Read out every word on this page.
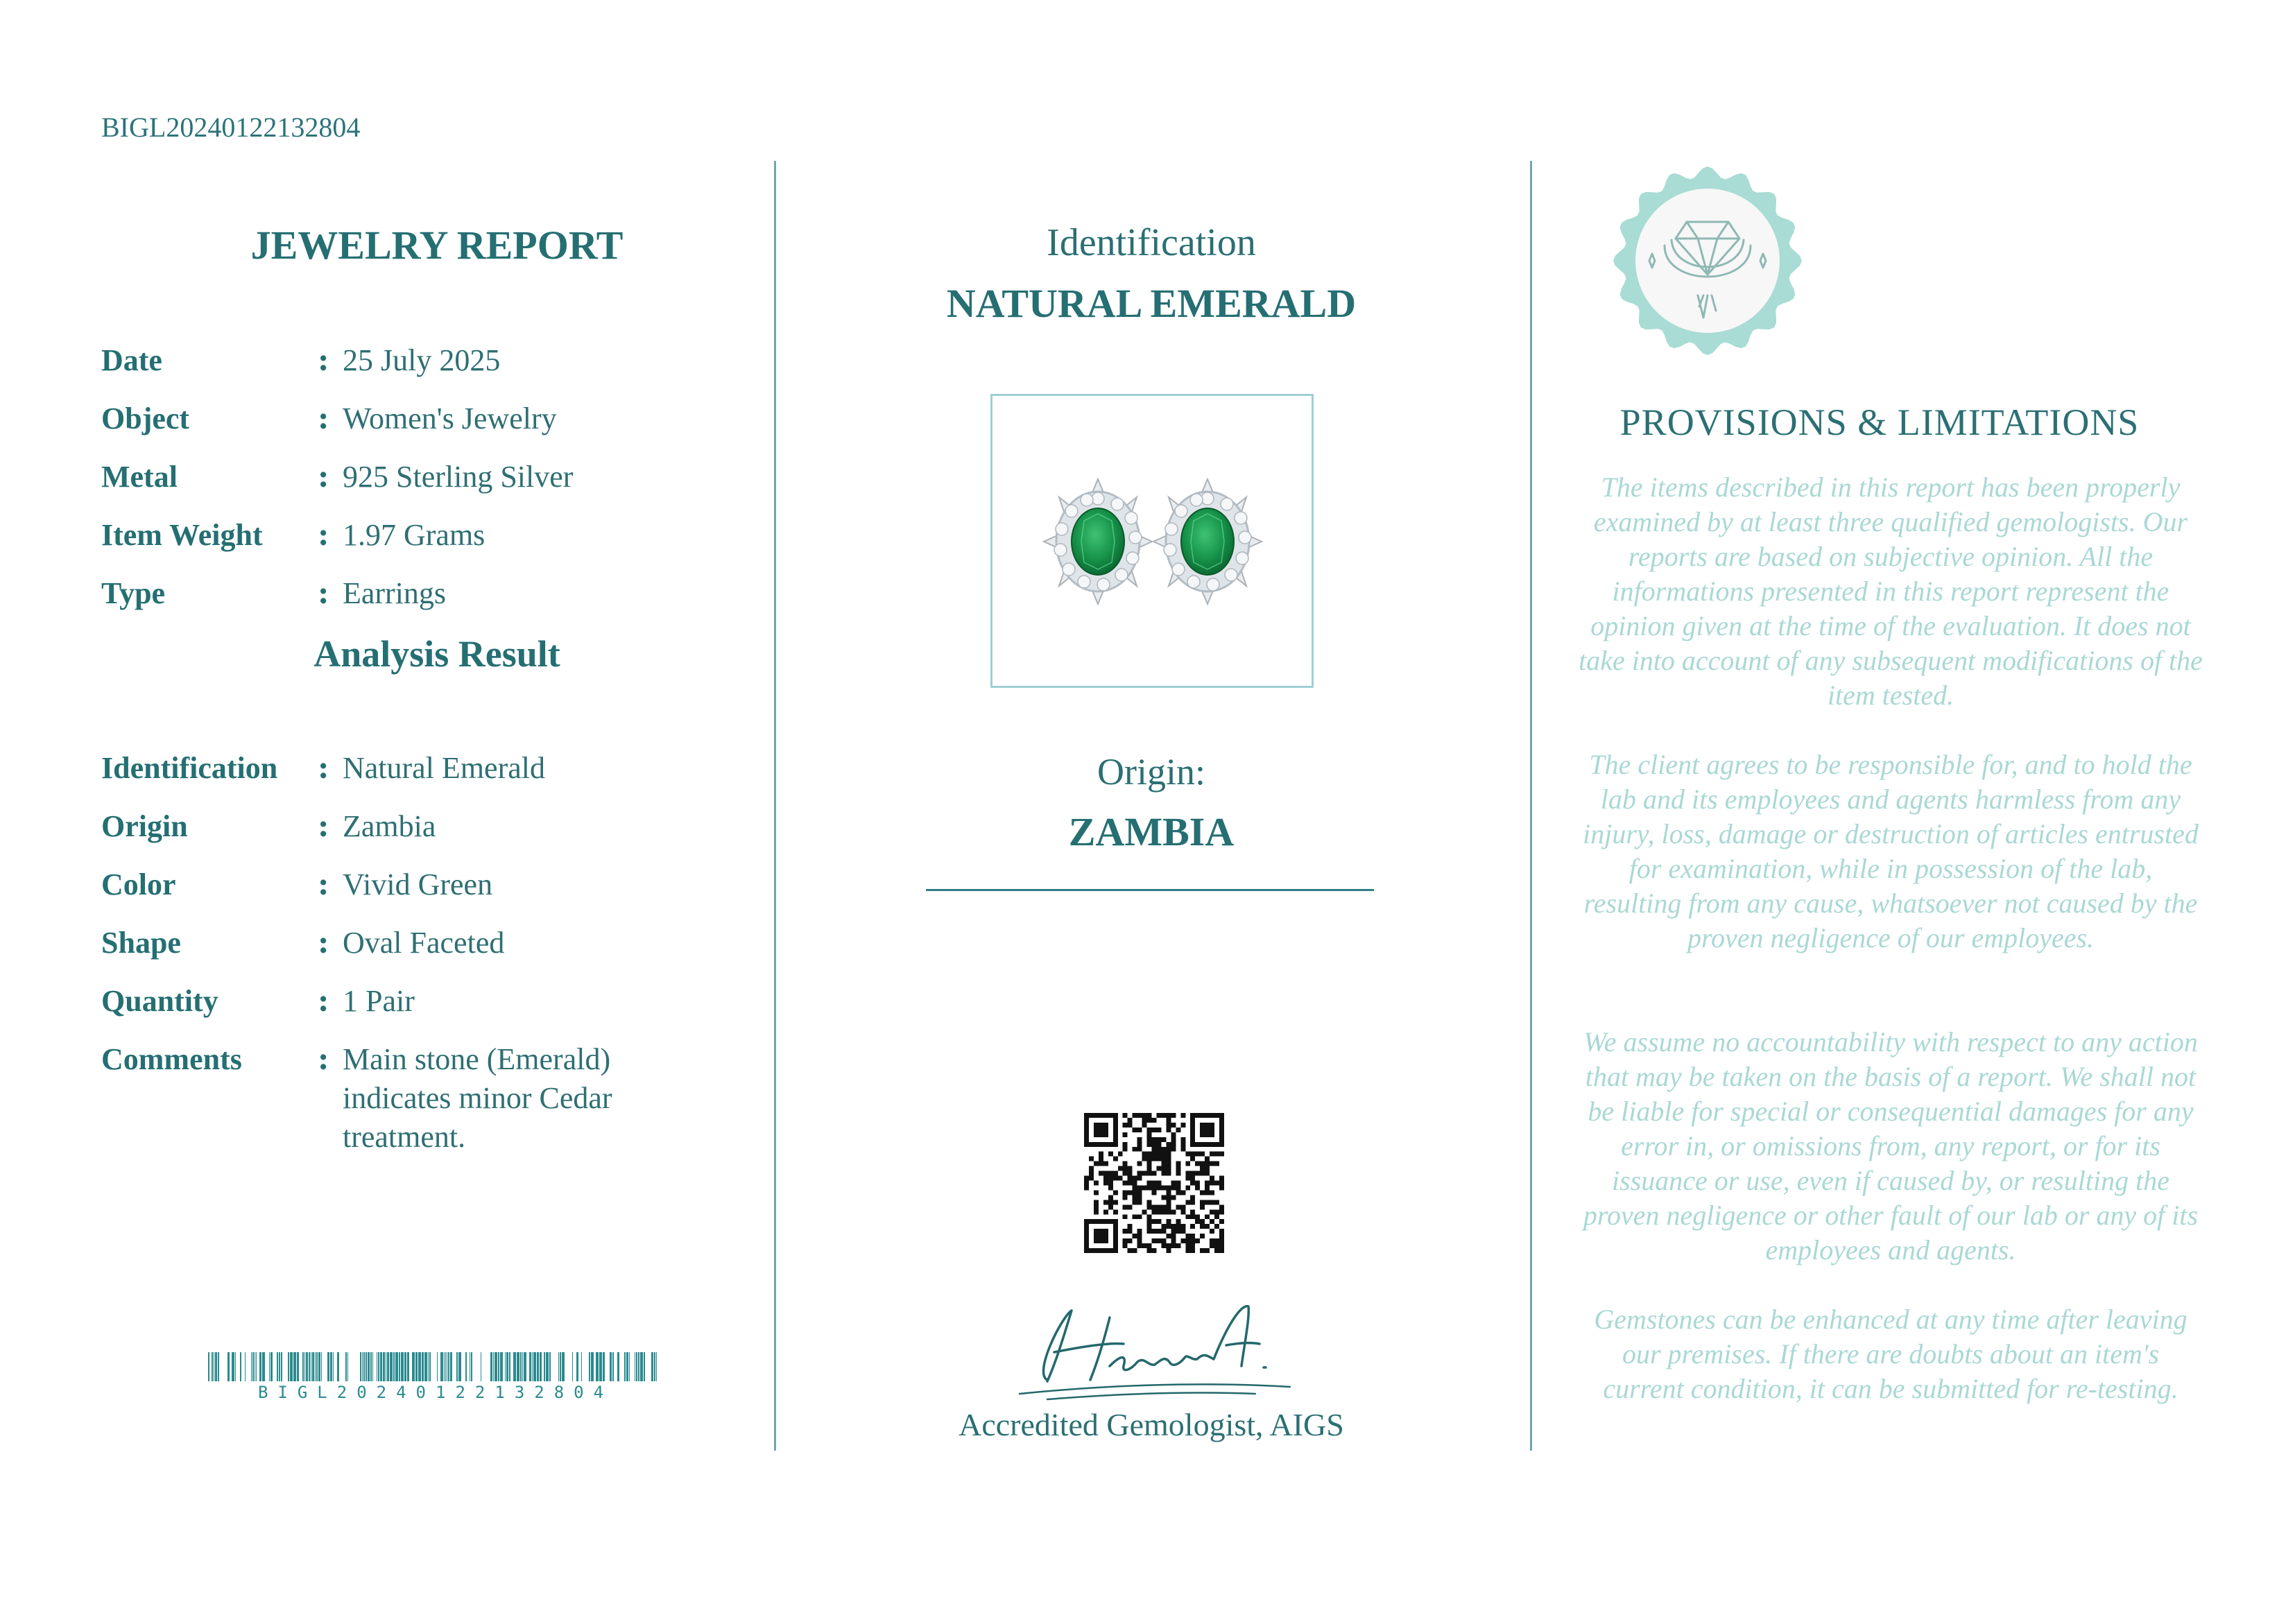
BIGL20240122132804
JEWELRY REPORT
Date	: 25 July 2025
Object	: Women's Jewelry
Metal	: 925 Sterling Silver
Item Weight	: 1.97 Grams
Type	: Earrings
Analysis Result
Identification	: Natural Emerald
Origin	: Zambia
Color	: Vivid Green
Shape	: Oval Faceted
Quantity	: 1 Pair
Comments	: Main stone (Emerald) indicates minor Cedar treatment.
BIGL20240122132804
Identification
NATURAL EMERALD
Origin:
ZAMBIA
Accredited Gemologist, AIGS
PROVISIONS & LIMITATIONS
The items described in this report has been properly examined by at least three qualified gemologists. Our reports are based on subjective opinion. All the informations presented in this report represent the opinion given at the time of the evaluation. It does not take into account of any subsequent modifications of the item tested.
The client agrees to be responsible for, and to hold the lab and its employees and agents harmless from any injury, loss, damage or destruction of articles entrusted for examination, while in possession of the lab, resulting from any cause, whatsoever not caused by the proven negligence of our employees.
We assume no accountability with respect to any action that may be taken on the basis of a report. We shall not be liable for special or consequential damages for any error in, or omissions from, any report, or for its issuance or use, even if caused by, or resulting the proven negligence or other fault of our lab or any of its employees and agents.
Gemstones can be enhanced at any time after leaving our premises. If there are doubts about an item's current condition, it can be submitted for re-testing.
